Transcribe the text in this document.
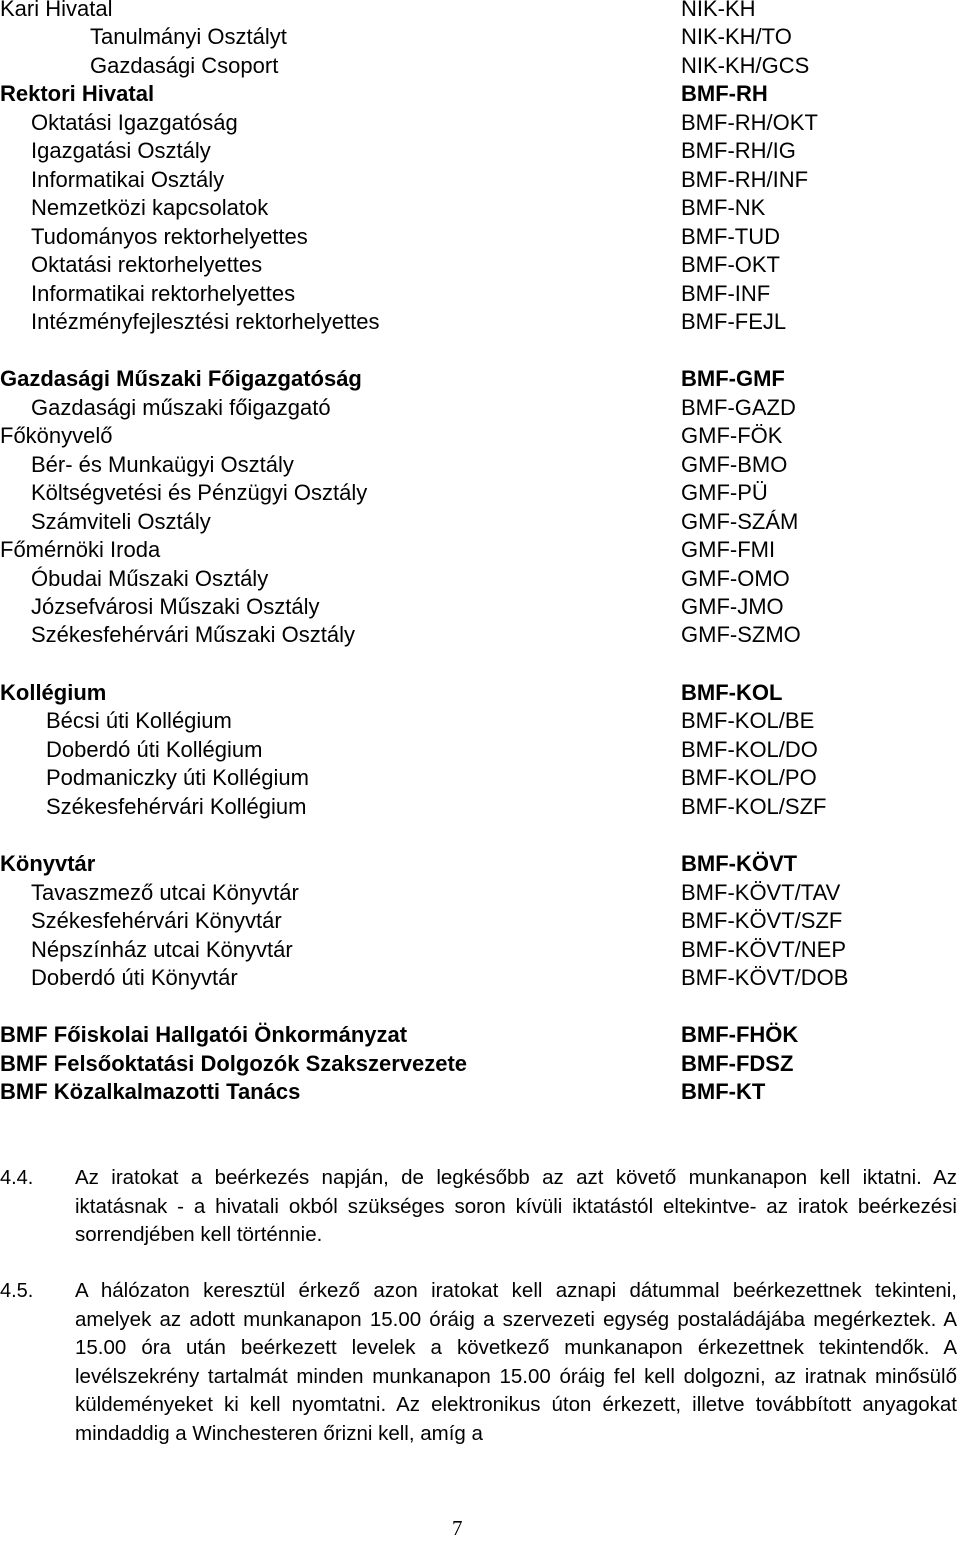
Kari Hivatal	NIK-KH
Tanulmányi Osztályt	NIK-KH/TO
Gazdasági Csoport	NIK-KH/GCS
Rektori Hivatal	BMF-RH
Oktatási Igazgatóság	BMF-RH/OKT
Igazgatási Osztály	BMF-RH/IG
Informatikai Osztály	BMF-RH/INF
Nemzetközi kapcsolatok	BMF-NK
Tudományos rektorhelyettes	BMF-TUD
Oktatási rektorhelyettes	BMF-OKT
Informatikai rektorhelyettes	BMF-INF
Intézményfejlesztési rektorhelyettes	BMF-FEJL
Gazdasági Műszaki Főigazgatóság	BMF-GMF
Gazdasági műszaki főigazgató	BMF-GAZD
Főkönyvelő	GMF-FÖK
Bér- és Munkaügyi Osztály	GMF-BMO
Költségvetési és Pénzügyi Osztály	GMF-PÜ
Számviteli Osztály	GMF-SZÁM
Főmérnöki Iroda	GMF-FMI
Óbudai Műszaki Osztály	GMF-OMO
Józsefvárosi Műszaki Osztály	GMF-JMO
Székesfehérvári Műszaki Osztály	GMF-SZMO
Kollégium	BMF-KOL
Bécsi úti Kollégium	BMF-KOL/BE
Doberdó úti Kollégium	BMF-KOL/DO
Podmaniczky úti Kollégium	BMF-KOL/PO
Székesfehérvári Kollégium	BMF-KOL/SZF
Könyvtár	BMF-KÖVT
Tavaszmező utcai Könyvtár	BMF-KÖVT/TAV
Székesfehérvári Könyvtár	BMF-KÖVT/SZF
Népszínház utcai Könyvtár	BMF-KÖVT/NEP
Doberdó úti Könyvtár	BMF-KÖVT/DOB
BMF Főiskolai Hallgatói Önkormányzat	BMF-FHÖK
BMF Felsőoktatási Dolgozók Szakszervezete	BMF-FDSZ
BMF Közalkalmazotti Tanács	BMF-KT
4.4. Az iratokat a beérkezés napján, de legkésőbb az azt követő munkanapon kell iktatni. Az iktatásnak - a hivatali okból szükséges soron kívüli iktatástól eltekintve- az iratok beérkezési sorrendjében kell történnie.
4.5. A hálózaton keresztül érkező azon iratokat kell aznapi dátummal beérkezettnek tekinteni, amelyek az adott munkanapon 15.00 óráig a szervezeti egység postaládájába megérkeztek. A 15.00 óra után beérkezett levelek a következő munkanapon érkezettnek tekintendők. A levélszekrény tartalmát minden munkanapon 15.00 óráig fel kell dolgozni, az iratnak minősülő küldeményeket ki kell nyomtatni. Az elektronikus úton érkezett, illetve továbbított anyagokat mindaddig a Winchesteren őrizni kell, amíg a
7
